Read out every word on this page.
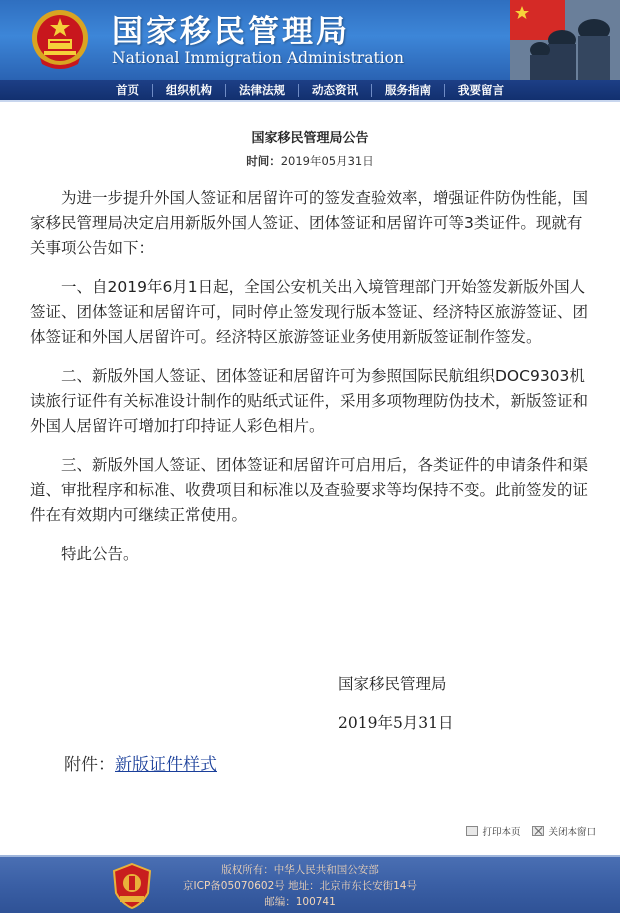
国家移民管理局
National Immigration Administration
首页	组织机构	法律法规	动态资讯	服务指南	我要留言
国家移民管理局公告
时间：2019年05月31日

为进一步提升外国人签证和居留许可的签发查验效率，增强证件防伪性能，国家移民管理局决定启用新版外国人签证、团体签证和居留许可等3类证件。现就有关事项公告如下：

一、自2019年6月1日起，全国公安机关出入境管理部门开始签发新版外国人签证、团体签证和居留许可，同时停止签发现行版本签证、经济特区旅游签证、团体签证和外国人居留许可。经济特区旅游签证业务使用新版签证制作签发。

二、新版外国人签证、团体签证和居留许可为参照国际民航组织DOC9303机读旅行证件有关标准设计制作的贴纸式证件，采用多项物理防伪技术，新版签证和外国人居留许可增加打印持证人彩色相片。

三、新版外国人签证、团体签证和居留许可启用后，各类证件的申请条件和渠道、审批程序和标准、收费项目和标准以及查验要求等均保持不变。此前签发的证件在有效期内可继续正常使用。

特此公告。

国家移民管理局
2019年5月31日
附件：新版证件样式
打印本页	关闭本窗口
版权所有：中华人民共和国公安部
京ICP备05070602号 地址：北京市东长安街14号
邮编：100741
